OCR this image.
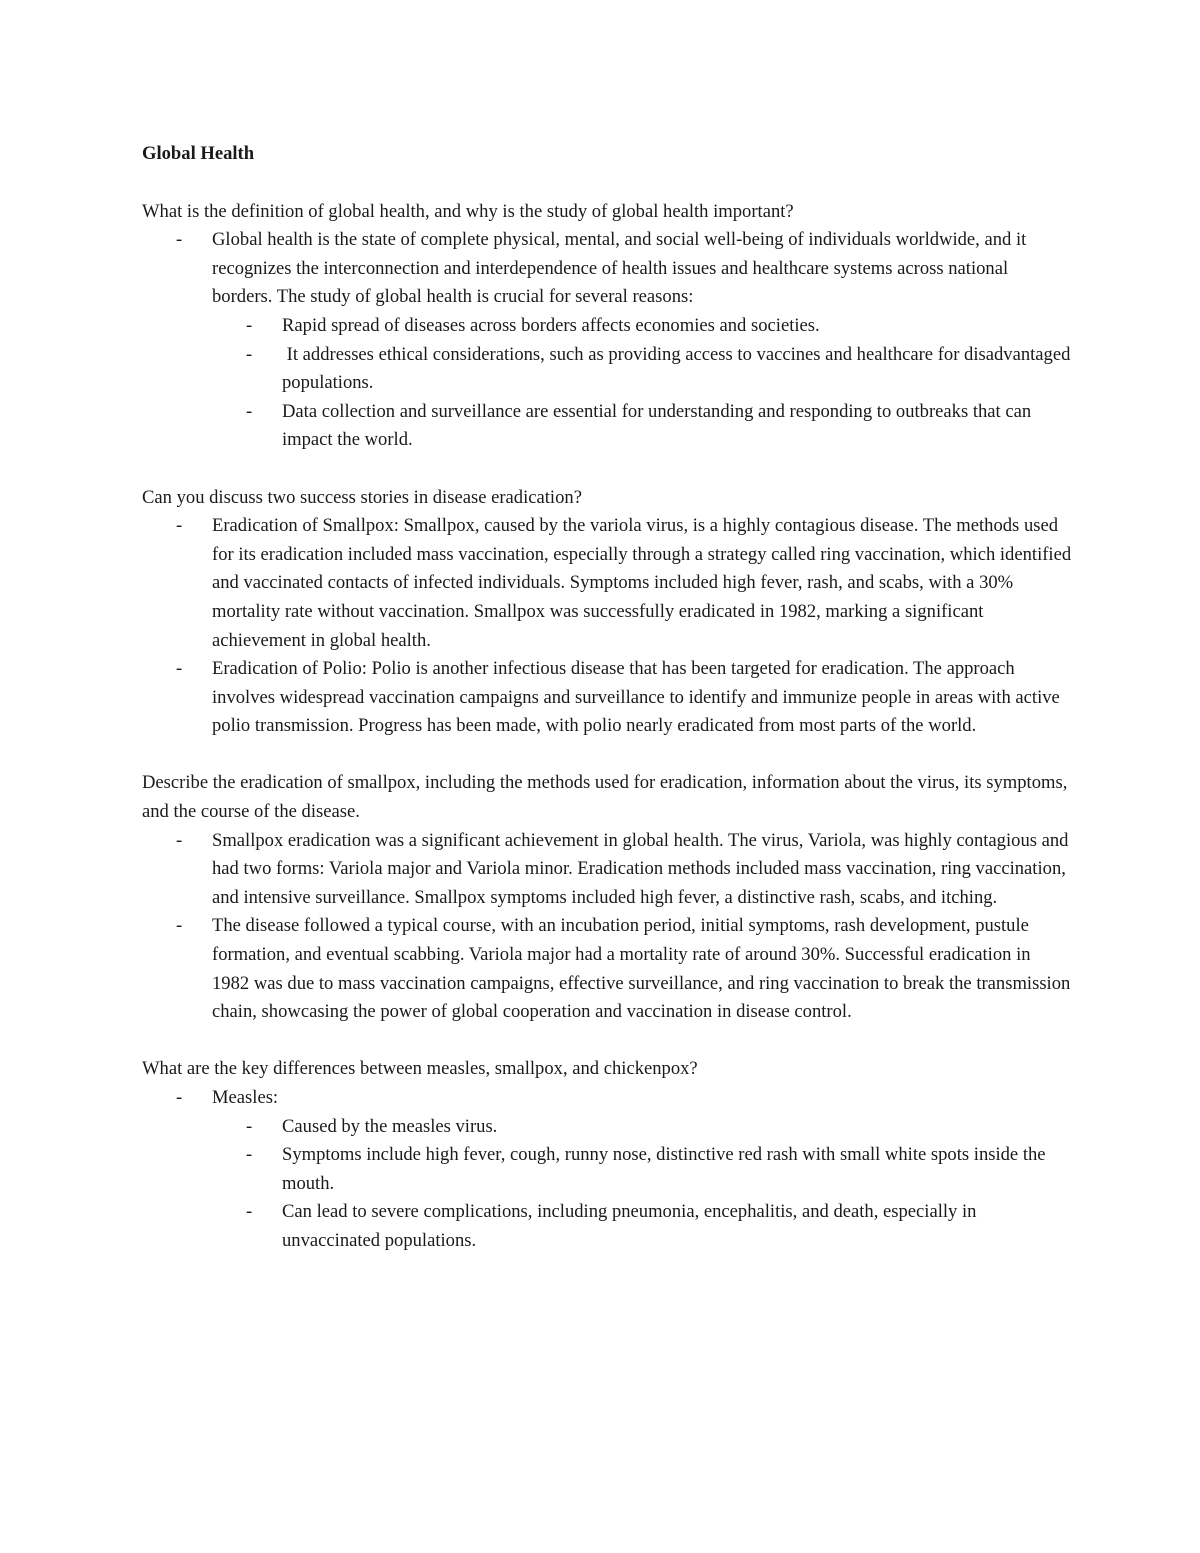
Global Health

What is the definition of global health, and why is the study of global health important?

- Global health is the state of complete physical, mental, and social well-being of individuals worldwide, and it recognizes the interconnection and interdependence of health issues and healthcare systems across national borders. The study of global health is crucial for several reasons:
- Rapid spread of diseases across borders affects economies and societies.
-  It addresses ethical considerations, such as providing access to vaccines and healthcare for disadvantaged populations.
- Data collection and surveillance are essential for understanding and responding to outbreaks that can impact the world.

Can you discuss two success stories in disease eradication?

- Eradication of Smallpox: Smallpox, caused by the variola virus, is a highly contagious disease. The methods used for its eradication included mass vaccination, especially through a strategy called ring vaccination, which identified and vaccinated contacts of infected individuals. Symptoms included high fever, rash, and scabs, with a 30% mortality rate without vaccination. Smallpox was successfully eradicated in 1982, marking a significant achievement in global health.
- Eradication of Polio: Polio is another infectious disease that has been targeted for eradication. The approach involves widespread vaccination campaigns and surveillance to identify and immunize people in areas with active polio transmission. Progress has been made, with polio nearly eradicated from most parts of the world.

Describe the eradication of smallpox, including the methods used for eradication, information about the virus, its symptoms, and the course of the disease.

- Smallpox eradication was a significant achievement in global health. The virus, Variola, was highly contagious and had two forms: Variola major and Variola minor. Eradication methods included mass vaccination, ring vaccination, and intensive surveillance. Smallpox symptoms included high fever, a distinctive rash, scabs, and itching.
- The disease followed a typical course, with an incubation period, initial symptoms, rash development, pustule formation, and eventual scabbing. Variola major had a mortality rate of around 30%. Successful eradication in 1982 was due to mass vaccination campaigns, effective surveillance, and ring vaccination to break the transmission chain, showcasing the power of global cooperation and vaccination in disease control.

What are the key differences between measles, smallpox, and chickenpox?

- Measles:
- Caused by the measles virus.
- Symptoms include high fever, cough, runny nose, distinctive red rash with small white spots inside the mouth.
- Can lead to severe complications, including pneumonia, encephalitis, and death, especially in unvaccinated populations.
